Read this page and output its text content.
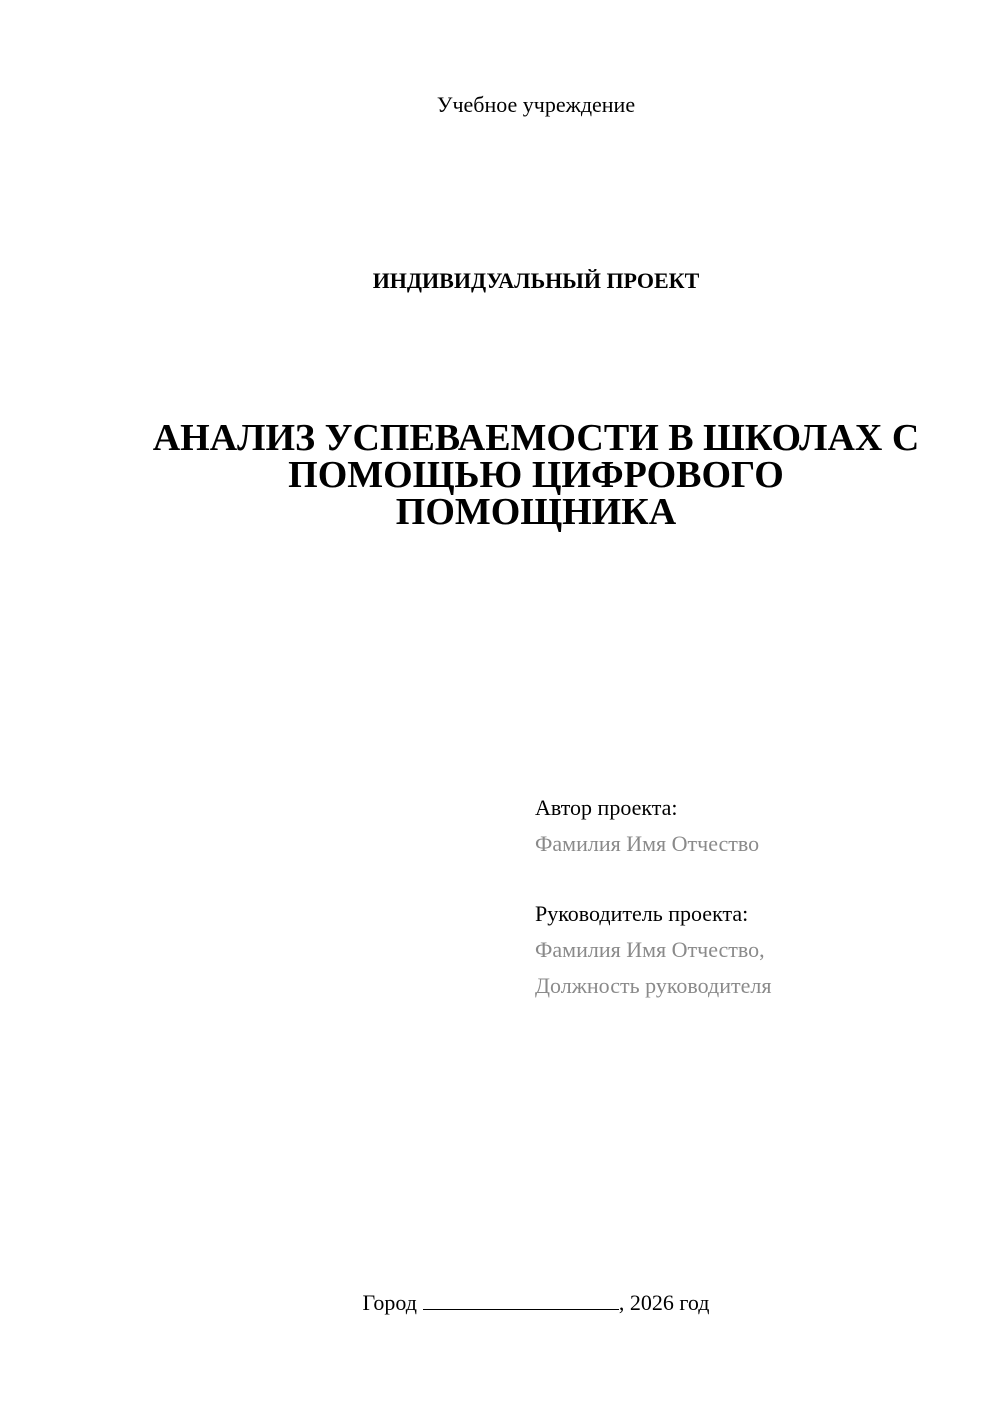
Учебное учреждение
ИНДИВИДУАЛЬНЫЙ ПРОЕКТ
АНАЛИЗ УСПЕВАЕМОСТИ В ШКОЛАХ С
ПОМОЩЬЮ ЦИФРОВОГО
ПОМОЩНИКА
Автор проекта:
Фамилия Имя Отчество
Руководитель проекта:
Фамилия Имя Отчество,
Должность руководителя
Город	, 2026 год
